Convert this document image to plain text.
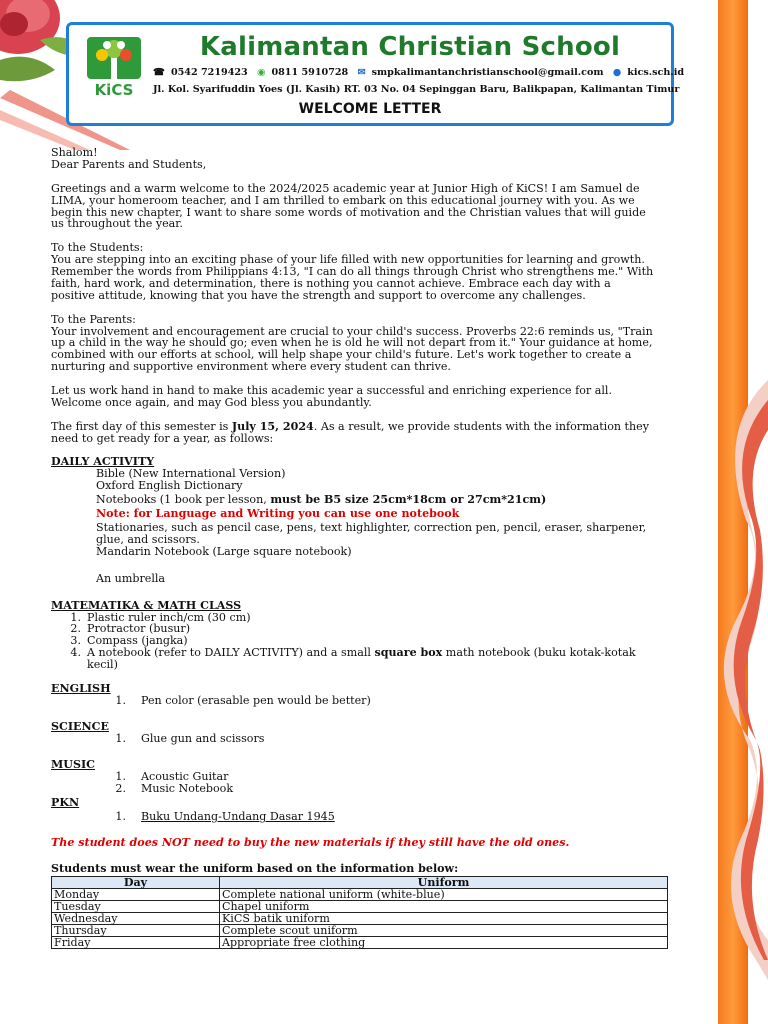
KiCS
Kalimantan Christian School
☎ 0542 7219423 ◉ 0811 5910728 ✉ smpkalimantanchristianschool@gmail.com ● kics.sch.id
Jl. Kol. Syarifuddin Yoes (Jl. Kasih) RT. 03 No. 04 Sepinggan Baru, Balikpapan, Kalimantan Timur
WELCOME LETTER

Shalom!

Dear Parents and Students,

Greetings and a warm welcome to the 2024/2025 academic year at Junior High of KiCS! I am Samuel de

LIMA, your homeroom teacher, and I am thrilled to embark on this educational journey with you. As we

begin this new chapter, I want to share some words of motivation and the Christian values that will guide

us throughout the year.

To the Students:

You are stepping into an exciting phase of your life filled with new opportunities for learning and growth.

Remember the words from Philippians 4:13, "I can do all things through Christ who strengthens me." With

faith, hard work, and determination, there is nothing you cannot achieve. Embrace each day with a

positive attitude, knowing that you have the strength and support to overcome any challenges.

To the Parents:

Your involvement and encouragement are crucial to your child's success. Proverbs 22:6 reminds us, "Train

up a child in the way he should go; even when he is old he will not depart from it." Your guidance at home,

combined with our efforts at school, will help shape your child's future. Let's work together to create a

nurturing and supportive environment where every student can thrive.

Let us work hand in hand to make this academic year a successful and enriching experience for all.

Welcome once again, and may God bless you abundantly.

The first day of this semester is July 15, 2024. As a result, we provide students with the information they

need to get ready for a year, as follows:

DAILY ACTIVITY

Bible (New International Version)

Oxford English Dictionary

Notebooks (1 book per lesson, must be B5 size 25cm*18cm or 27cm*21cm)

Note: for Language and Writing you can use one notebook

Stationaries, such as pencil case, pens, text highlighter, correction pen, pencil, eraser, sharpener,

glue, and scissors.

Mandarin Notebook (Large square notebook)

An umbrella

MATEMATIKA & MATH CLASS

1. Plastic ruler inch/cm (30 cm)
2. Protractor (busur)
3. Compass (jangka)
4. A notebook (refer to DAILY ACTIVITY) and a small square box math notebook (buku kotak-kotak
kecil)

ENGLISH

1.	Pen color (erasable pen would be better)

SCIENCE

1.	Glue gun and scissors

MUSIC

1.	Acoustic Guitar
2.	Music Notebook

PKN

1.	Buku Undang-Undang Dasar 1945

The student does NOT need to buy the new materials if they still have the old ones.

Students must wear the uniform based on the information below:

Day	Uniform
Monday	Complete national uniform (white-blue)
Tuesday	Chapel uniform
Wednesday	KiCS batik uniform
Thursday	Complete scout uniform
Friday	Appropriate free clothing
